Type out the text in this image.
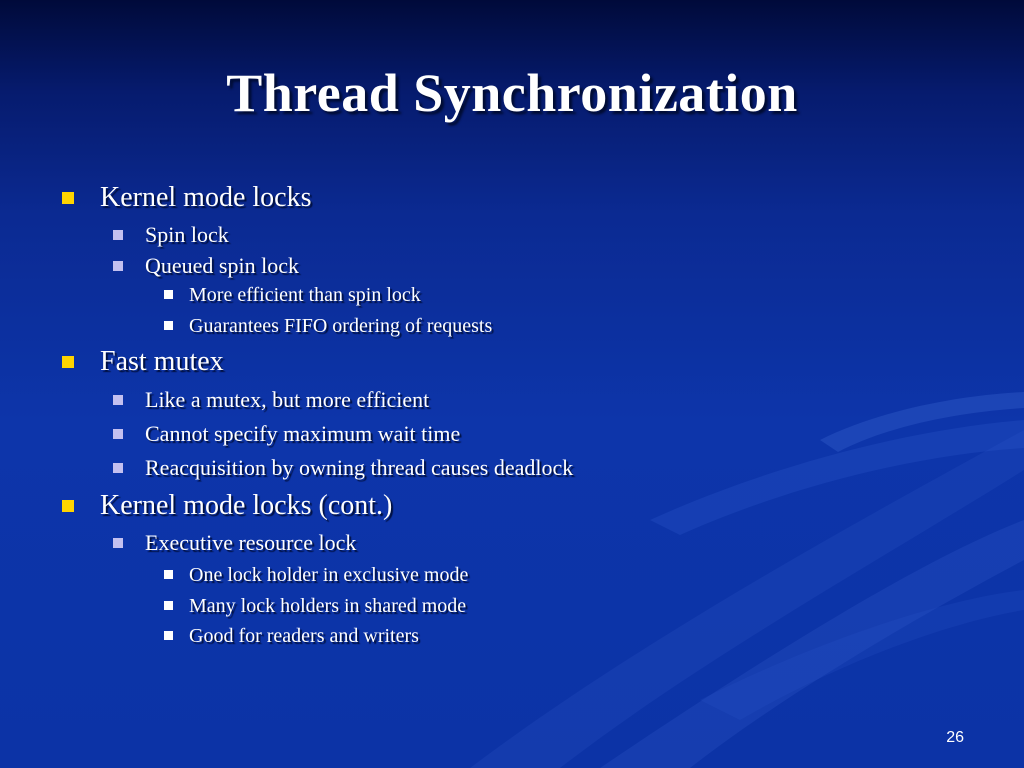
Thread Synchronization
Kernel mode locks
Spin lock
Queued spin lock
More efficient than spin lock
Guarantees FIFO ordering of requests
Fast mutex
Like a mutex, but more efficient
Cannot specify maximum wait time
Reacquisition by owning thread causes deadlock
Kernel mode locks (cont.)
Executive resource lock
One lock holder in exclusive mode
Many lock holders in shared mode
Good for readers and writers
26
